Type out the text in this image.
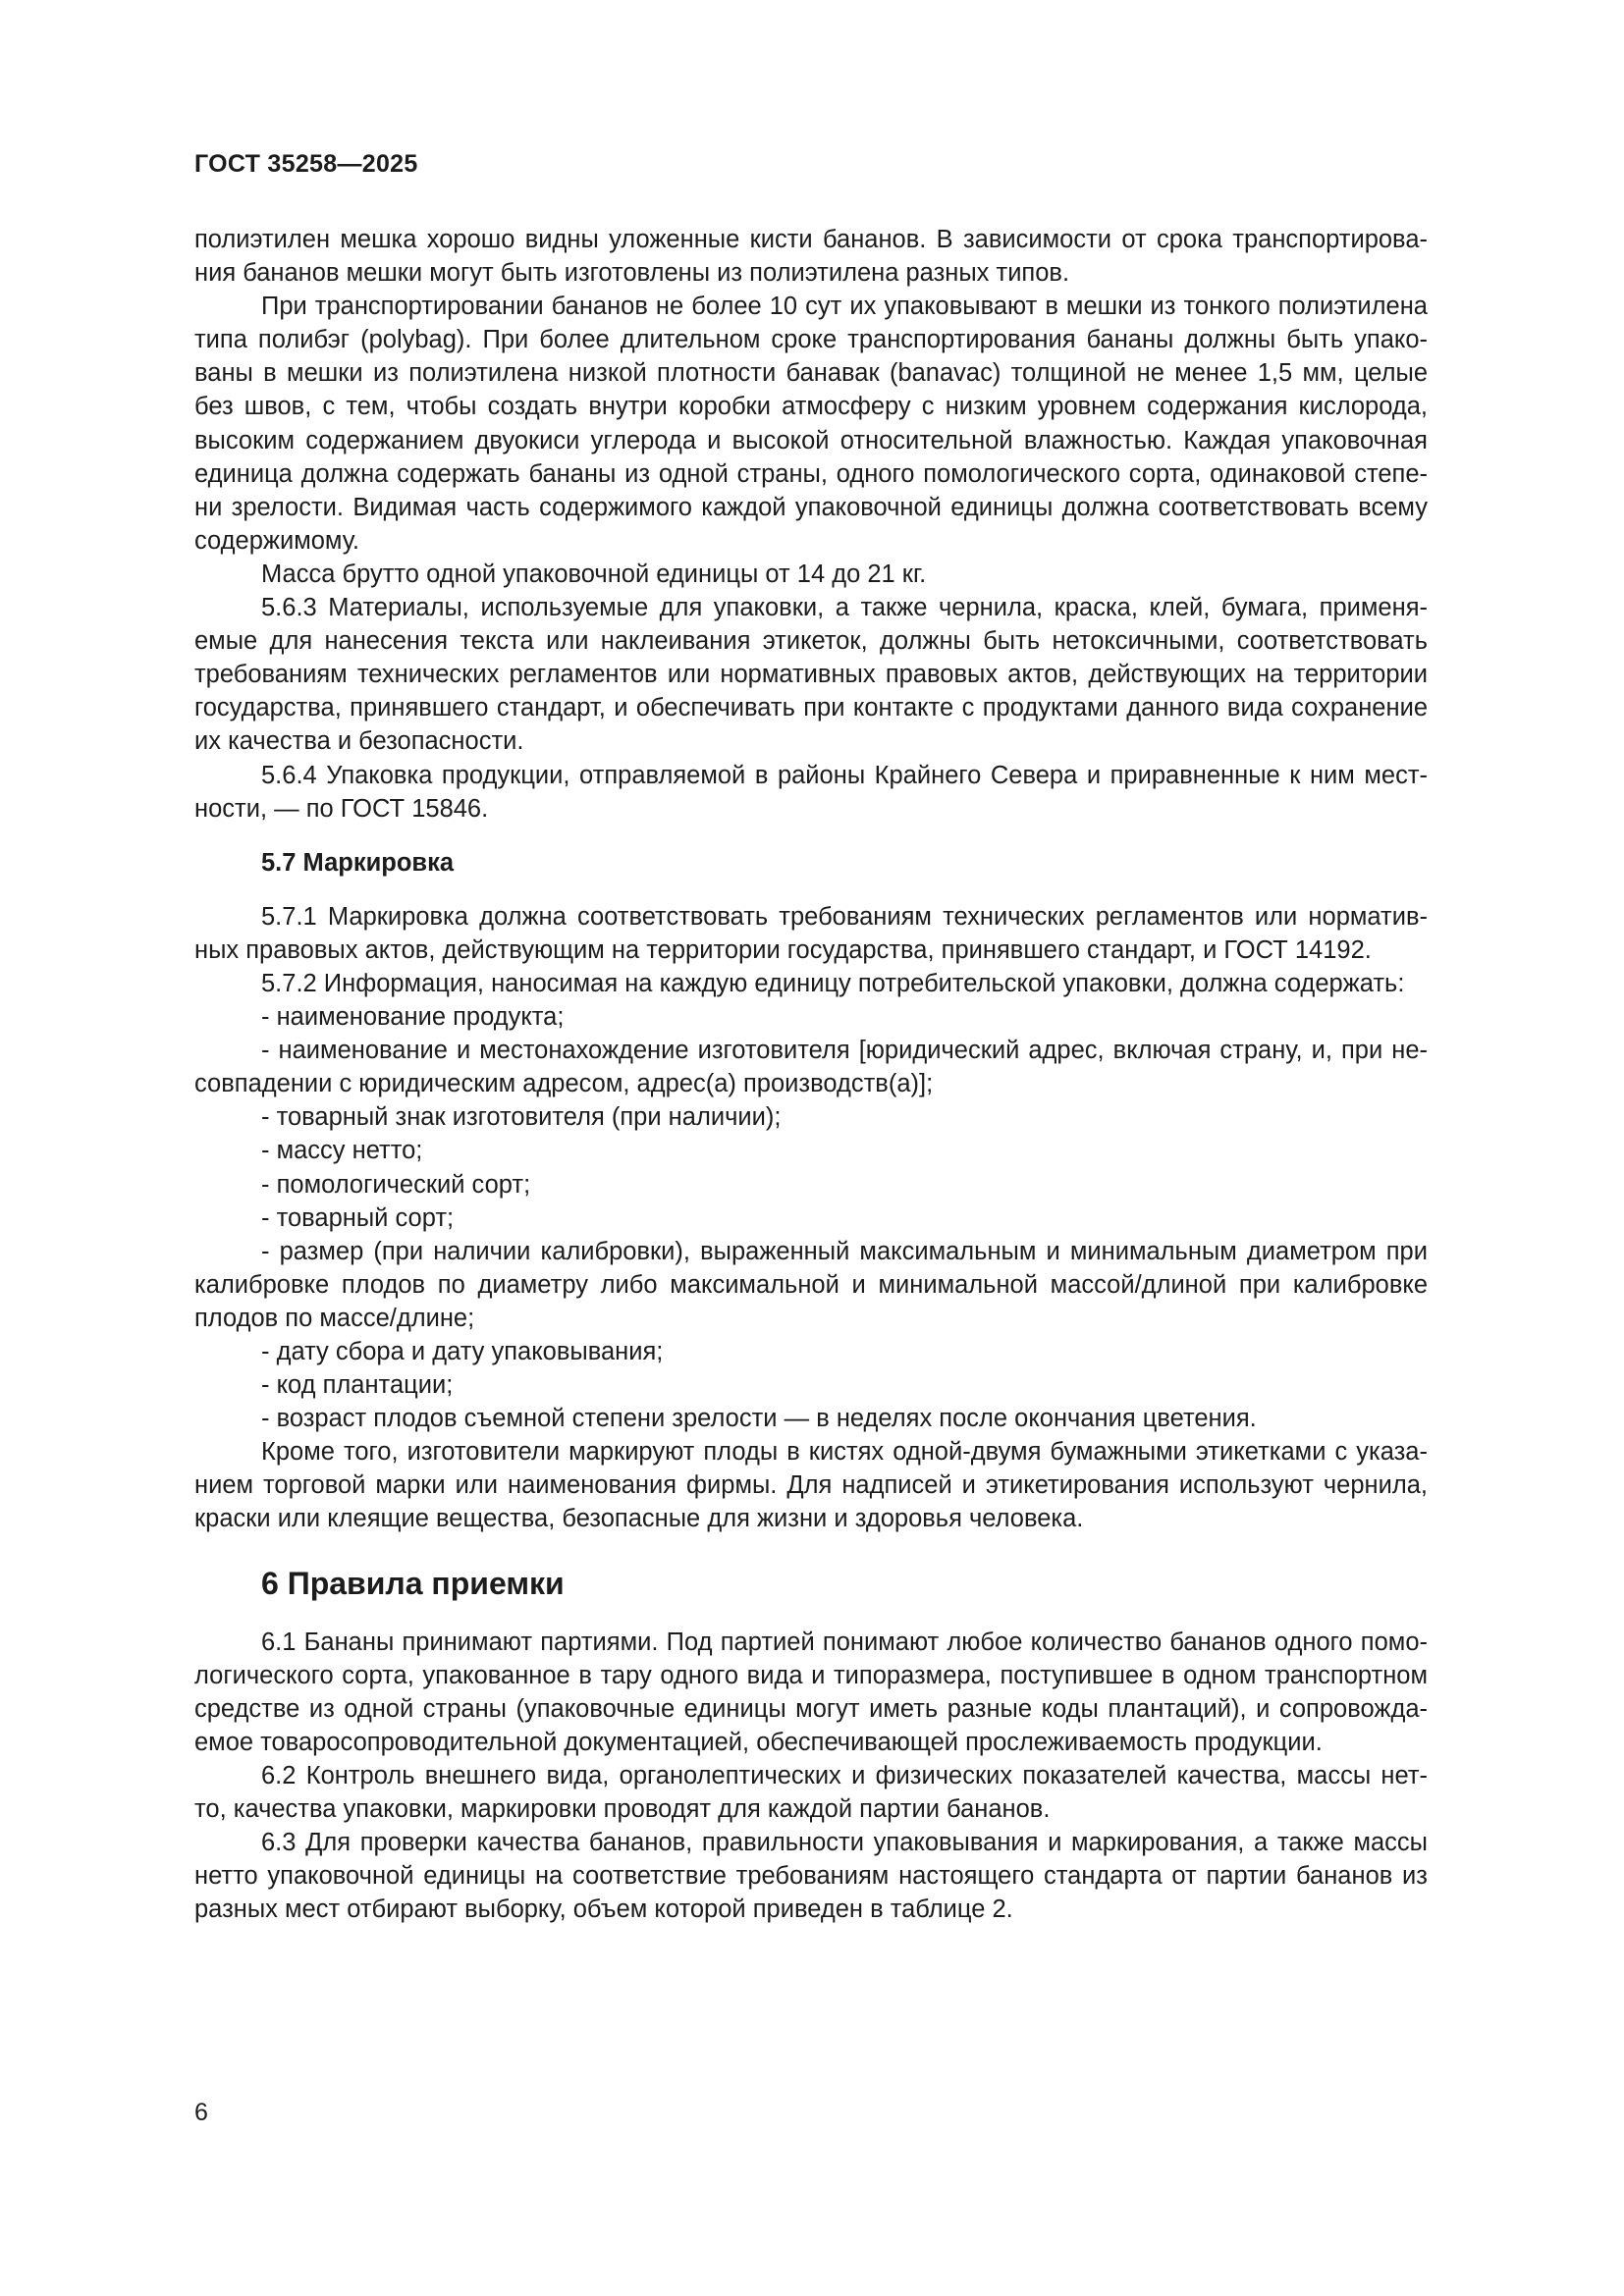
ГОСТ 35258—2025
полиэтилен мешка хорошо видны уложенные кисти бананов. В зависимости от срока транспортирова-
ния бананов мешки могут быть изготовлены из полиэтилена разных типов.
При транспортировании бананов не более 10 сут их упаковывают в мешки из тонкого полиэтилена
типа полибэг (polybag). При более длительном сроке транспортирования бананы должны быть упако-
ваны в мешки из полиэтилена низкой плотности банавак (banavac) толщиной не менее 1,5 мм, целые
без швов, с тем, чтобы создать внутри коробки атмосферу с низким уровнем содержания кислорода,
высоким содержанием двуокиси углерода и высокой относительной влажностью. Каждая упаковочная
единица должна содержать бананы из одной страны, одного помологического сорта, одинаковой степе-
ни зрелости. Видимая часть содержимого каждой упаковочной единицы должна соответствовать всему
содержимому.
Масса брутто одной упаковочной единицы от 14 до 21 кг.
5.6.3 Материалы, используемые для упаковки, а также чернила, краска, клей, бумага, применя-
емые для нанесения текста или наклеивания этикеток, должны быть нетоксичными, соответствовать
требованиям технических регламентов или нормативных правовых актов, действующих на территории
государства, принявшего стандарт, и обеспечивать при контакте с продуктами данного вида сохранение
их качества и безопасности.
5.6.4 Упаковка продукции, отправляемой в районы Крайнего Севера и приравненные к ним мест-
ности, — по ГОСТ 15846.
5.7 Маркировка
5.7.1 Маркировка должна соответствовать требованиям технических регламентов или норматив-
ных правовых актов, действующим на территории государства, принявшего стандарт, и ГОСТ 14192.
5.7.2 Информация, наносимая на каждую единицу потребительской упаковки, должна содержать:
- наименование продукта;
- наименование и местонахождение изготовителя [юридический адрес, включая страну, и, при не-
совпадении с юридическим адресом, адрес(а) производств(а)];
- товарный знак изготовителя (при наличии);
- массу нетто;
- помологический сорт;
- товарный сорт;
- размер (при наличии калибровки), выраженный максимальным и минимальным диаметром при
калибровке плодов по диаметру либо максимальной и минимальной массой/длиной при калибровке
плодов по массе/длине;
- дату сбора и дату упаковывания;
- код плантации;
- возраст плодов съемной степени зрелости — в неделях после окончания цветения.
Кроме того, изготовители маркируют плоды в кистях одной-двумя бумажными этикетками с указа-
нием торговой марки или наименования фирмы. Для надписей и этикетирования используют чернила,
краски или клеящие вещества, безопасные для жизни и здоровья человека.
6 Правила приемки
6.1 Бананы принимают партиями. Под партией понимают любое количество бананов одного помо-
логического сорта, упакованное в тару одного вида и типоразмера, поступившее в одном транспортном
средстве из одной страны (упаковочные единицы могут иметь разные коды плантаций), и сопровожда-
емое товаросопроводительной документацией, обеспечивающей прослеживаемость продукции.
6.2 Контроль внешнего вида, органолептических и физических показателей качества, массы нет-
то, качества упаковки, маркировки проводят для каждой партии бананов.
6.3 Для проверки качества бананов, правильности упаковывания и маркирования, а также массы
нетто упаковочной единицы на соответствие требованиям настоящего стандарта от партии бананов из
разных мест отбирают выборку, объем которой приведен в таблице 2.
6
